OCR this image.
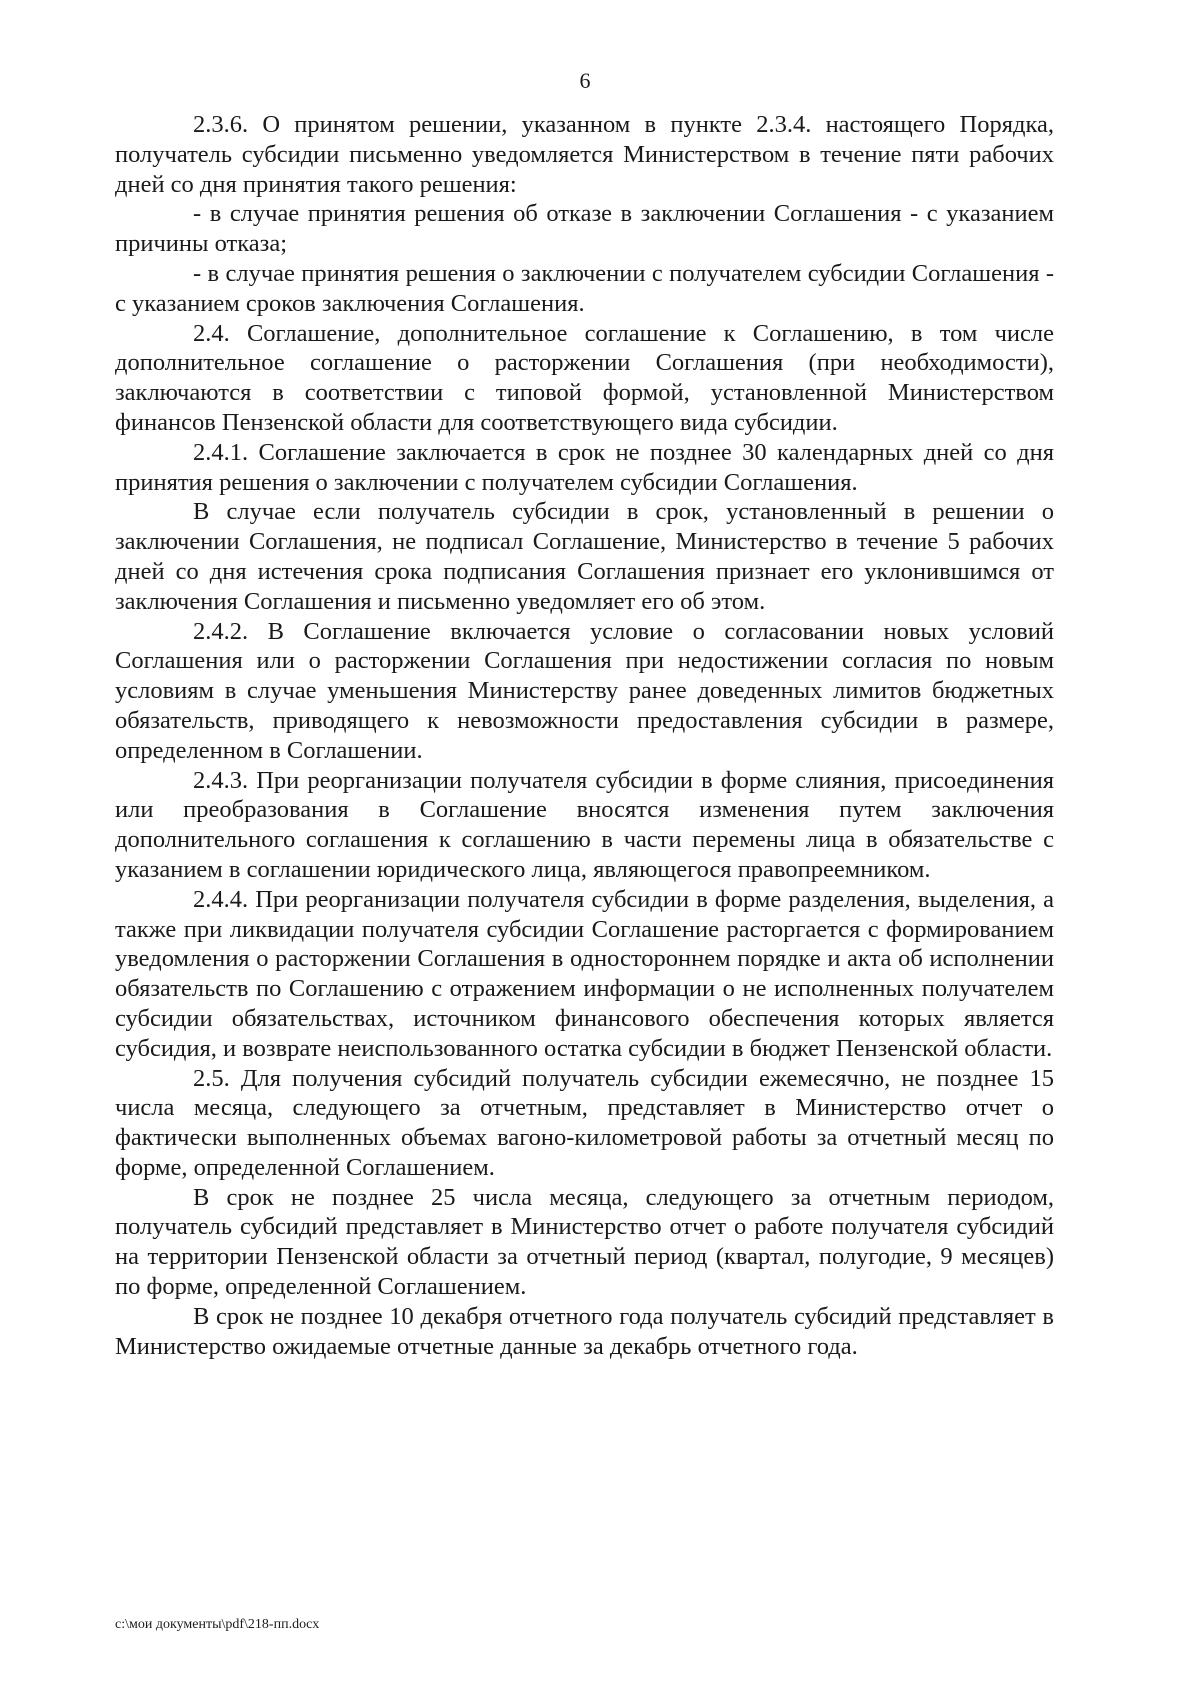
6

2.3.6. О принятом решении, указанном в пункте 2.3.4. настоящего Порядка, получатель субсидии письменно уведомляется Министерством в течение пяти рабочих дней со дня принятия такого решения:

- в случае принятия решения об отказе в заключении Соглашения - с указанием причины отказа;

- в случае принятия решения о заключении с получателем субсидии Соглашения - с указанием сроков заключения Соглашения.

2.4. Соглашение, дополнительное соглашение к Соглашению, в том числе дополнительное соглашение о расторжении Соглашения (при необходимости), заключаются в соответствии с типовой формой, установленной Министерством финансов Пензенской области для соответствующего вида субсидии.

2.4.1. Соглашение заключается в срок не позднее 30 календарных дней со дня принятия решения о заключении с получателем субсидии Соглашения.

В случае если получатель субсидии в срок, установленный в решении о заключении Соглашения, не подписал Соглашение, Министерство в течение 5 рабочих дней со дня истечения срока подписания Соглашения признает его уклонившимся от заключения Соглашения и письменно уведомляет его об этом.

2.4.2. В Соглашение включается условие о согласовании новых условий Соглашения или о расторжении Соглашения при недостижении согласия по новым условиям в случае уменьшения Министерству ранее доведенных лимитов бюджетных обязательств, приводящего к невозможности предоставления субсидии в размере, определенном в Соглашении.

2.4.3. При реорганизации получателя субсидии в форме слияния, присоединения или преобразования в Соглашение вносятся изменения путем заключения дополнительного соглашения к соглашению в части перемены лица в обязательстве с указанием в соглашении юридического лица, являющегося правопреемником.

2.4.4. При реорганизации получателя субсидии в форме разделения, выделения, а также при ликвидации получателя субсидии Соглашение расторгается с формированием уведомления о расторжении Соглашения в одностороннем порядке и акта об исполнении обязательств по Соглашению с отражением информации о не исполненных получателем субсидии обязательствах, источником финансового обеспечения которых является субсидия, и возврате неиспользованного остатка субсидии в бюджет Пензенской области.

2.5. Для получения субсидий получатель субсидии ежемесячно, не позднее 15 числа месяца, следующего за отчетным, представляет в Министерство отчет о фактически выполненных объемах вагоно-километровой работы за отчетный месяц по форме, определенной Соглашением.

В срок не позднее 25 числа месяца, следующего за отчетным периодом, получатель субсидий представляет в Министерство отчет о работе получателя субсидий на территории Пензенской области за отчетный период (квартал, полугодие, 9 месяцев) по форме, определенной Соглашением.

В срок не позднее 10 декабря отчетного года получатель субсидий представляет в Министерство ожидаемые отчетные данные за декабрь отчетного года.

c:\мои документы\pdf\218-пп.docx
